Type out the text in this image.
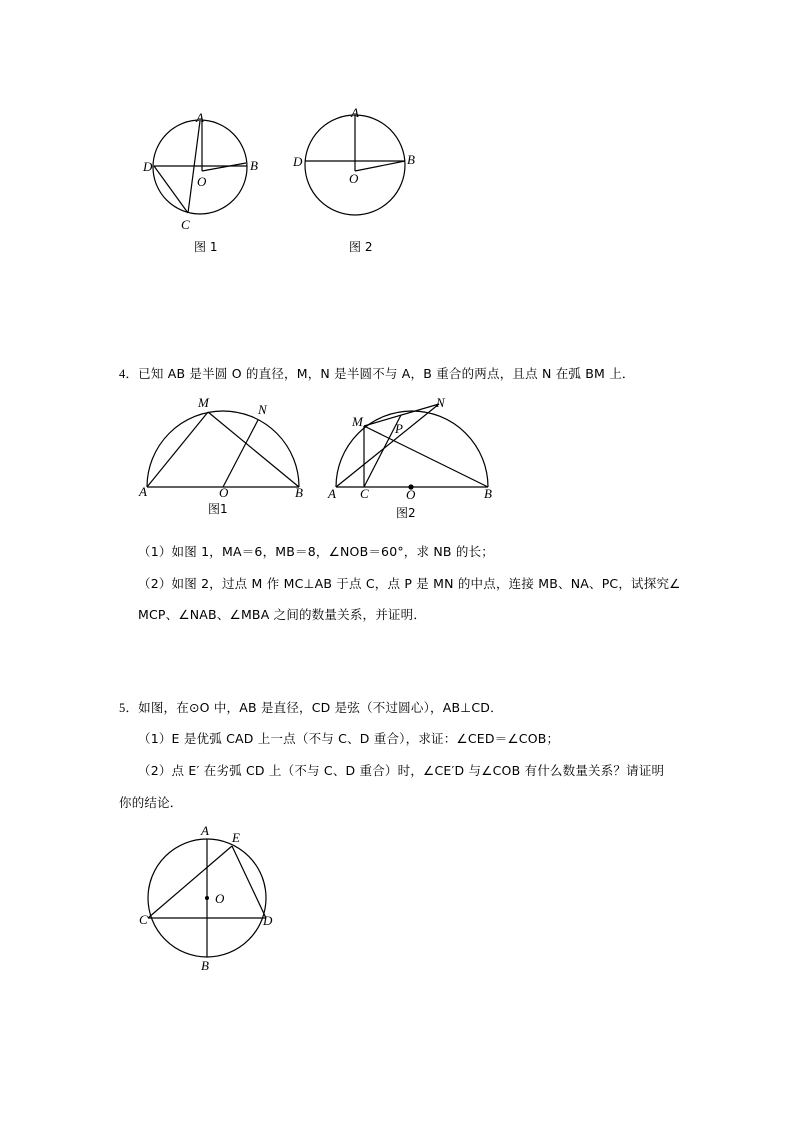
A
B
C
D
O
图 1
A
B
D
O
图 2
4．已知 AB 是半圆 O 的直径，M，N 是半圆不与 A，B 重合的两点，且点 N 在弧 BM 上．
M	N
A	O	B
图1
M
N
P
A C	O	B
图2
（1）如图 1，MA＝6，MB＝8，∠NOB＝60°，求 NB 的长；
（2）如图 2，过点 M 作 MC⊥AB 于点 C，点 P 是 MN 的中点，连接 MB、NA、PC，试探究∠
MCP、∠NAB、∠MBA 之间的数量关系，并证明．
5．如图，在⊙O 中，AB 是直径，CD 是弦（不过圆心），AB⊥CD．
（1）E 是优弧 CAD 上一点（不与 C、D 重合），求证：∠CED＝∠COB；
（2）点 E′ 在劣弧 CD 上（不与 C、D 重合）时，∠CE′D 与∠COB 有什么数量关系？请证明
你的结论．
A E
O
C	D
B
